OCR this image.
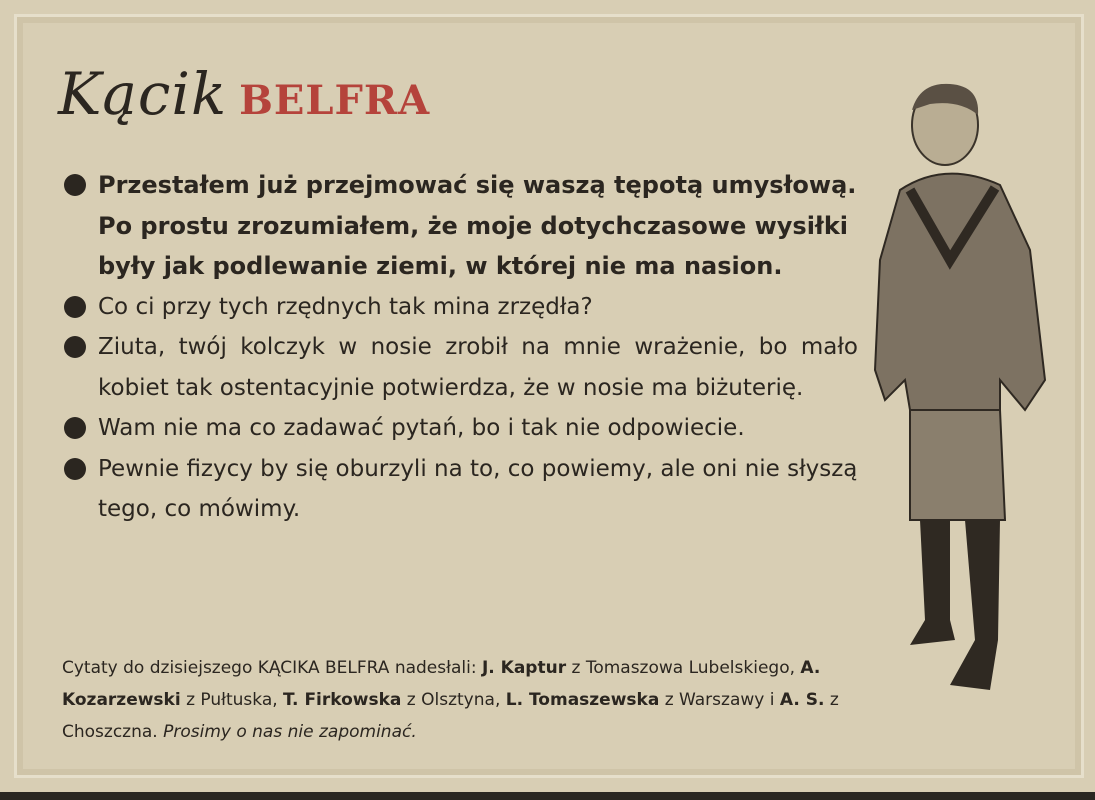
Kącik BELFRA

Przestałem już przejmować się waszą tępotą umysłową. Po prostu zrozumiałem, że moje dotychczasowe wysiłki były jak podlewanie ziemi, w której nie ma nasion.

Co ci przy tych rzędnych tak mina zrzędła?

Ziuta, twój kolczyk w nosie zrobił na mnie wrażenie, bo mało kobiet tak ostentacyjnie potwierdza, że w nosie ma biżuterię.

Wam nie ma co zadawać pytań, bo i tak nie odpowiecie.

Pewnie fizycy by się oburzyli na to, co powiemy, ale oni nie słyszą tego, co mówimy.

Cytaty do dzisiejszego KĄCIKA BELFRA nadesłali: J. Kaptur z Tomaszowa Lubelskiego, A. Kozarzewski z Pułtuska, T. Firkowska z Olsztyna, L. Tomaszewska z Warszawy i A. S. z Choszczna. Prosimy o nas nie zapominać.
